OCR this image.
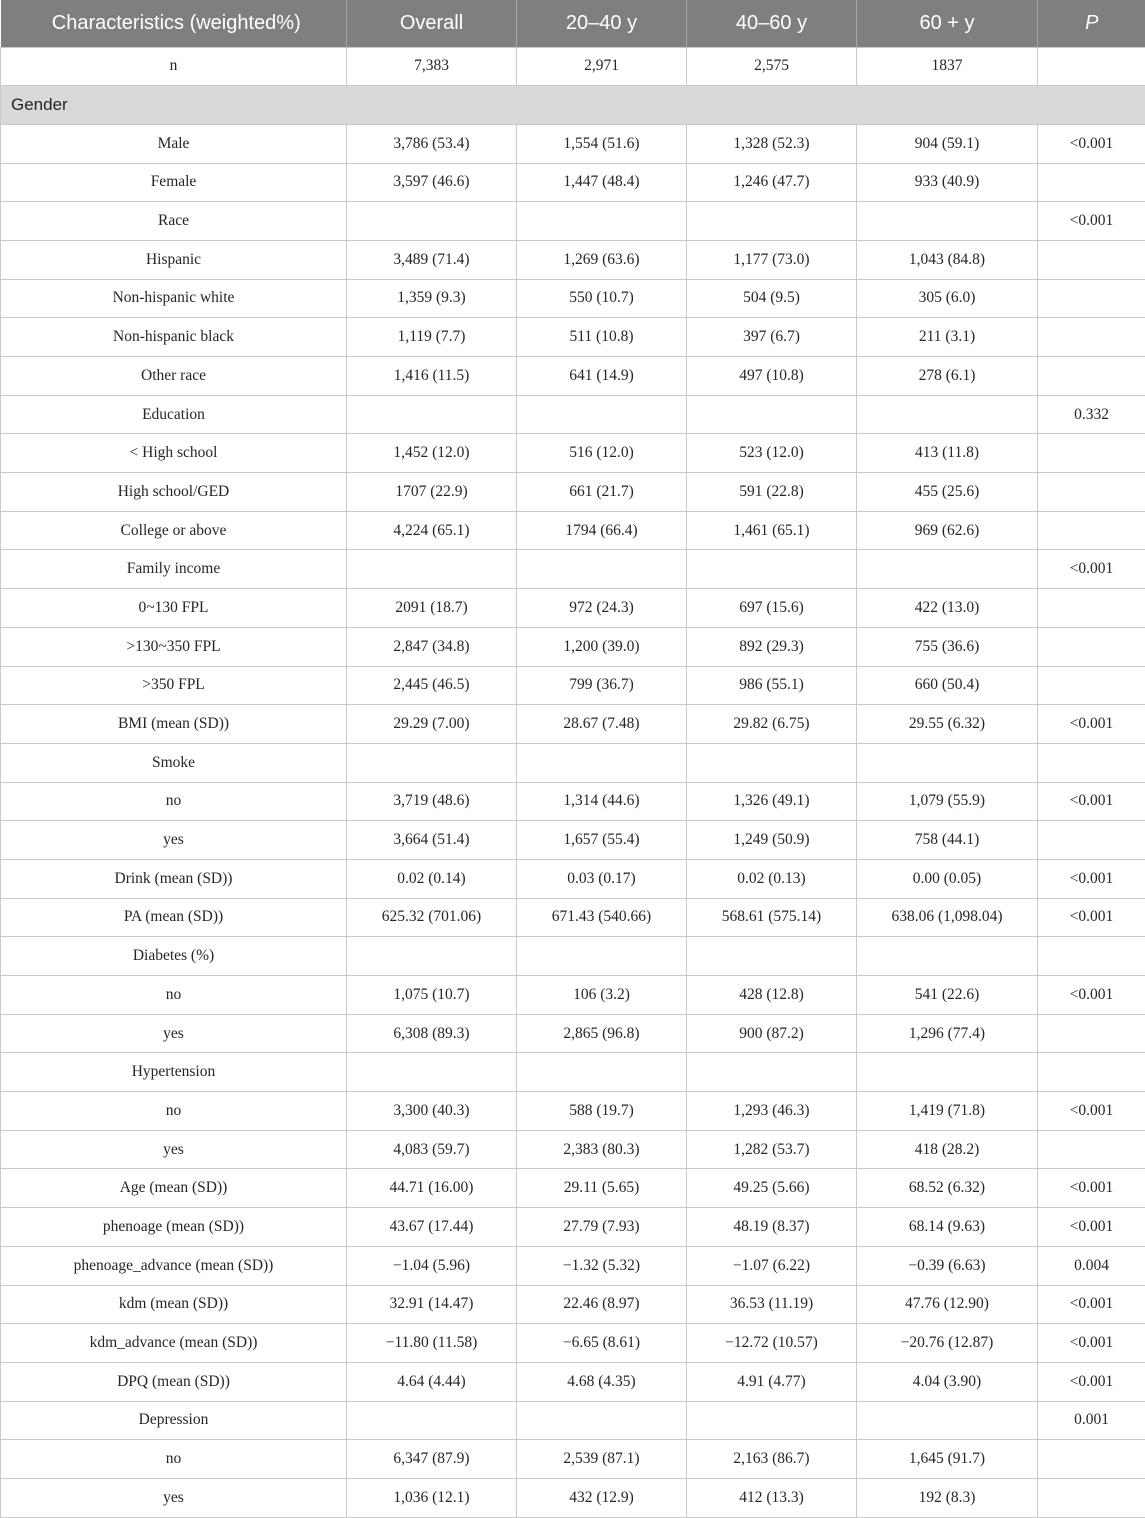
Characteristics (weighted%)	Overall	20–40 y	40–60 y	60 + y	P
n	7,383	2,971	2,575	1837	
Gender					
Male	3,786 (53.4)	1,554 (51.6)	1,328 (52.3)	904 (59.1)	<0.001
Female	3,597 (46.6)	1,447 (48.4)	1,246 (47.7)	933 (40.9)	
Race					<0.001
Hispanic	3,489 (71.4)	1,269 (63.6)	1,177 (73.0)	1,043 (84.8)	
Non-hispanic white	1,359 (9.3)	550 (10.7)	504 (9.5)	305 (6.0)	
Non-hispanic black	1,119 (7.7)	511 (10.8)	397 (6.7)	211 (3.1)	
Other race	1,416 (11.5)	641 (14.9)	497 (10.8)	278 (6.1)	
Education					0.332
< High school	1,452 (12.0)	516 (12.0)	523 (12.0)	413 (11.8)	
High school/GED	1707 (22.9)	661 (21.7)	591 (22.8)	455 (25.6)	
College or above	4,224 (65.1)	1794 (66.4)	1,461 (65.1)	969 (62.6)	
Family income					<0.001
0~130 FPL	2091 (18.7)	972 (24.3)	697 (15.6)	422 (13.0)	
>130~350 FPL	2,847 (34.8)	1,200 (39.0)	892 (29.3)	755 (36.6)	
>350 FPL	2,445 (46.5)	799 (36.7)	986 (55.1)	660 (50.4)	
BMI (mean (SD))	29.29 (7.00)	28.67 (7.48)	29.82 (6.75)	29.55 (6.32)	<0.001
Smoke					
no	3,719 (48.6)	1,314 (44.6)	1,326 (49.1)	1,079 (55.9)	<0.001
yes	3,664 (51.4)	1,657 (55.4)	1,249 (50.9)	758 (44.1)	
Drink (mean (SD))	0.02 (0.14)	0.03 (0.17)	0.02 (0.13)	0.00 (0.05)	<0.001
PA (mean (SD))	625.32 (701.06)	671.43 (540.66)	568.61 (575.14)	638.06 (1,098.04)	<0.001
Diabetes (%)					
no	1,075 (10.7)	106 (3.2)	428 (12.8)	541 (22.6)	<0.001
yes	6,308 (89.3)	2,865 (96.8)	900 (87.2)	1,296 (77.4)	
Hypertension					
no	3,300 (40.3)	588 (19.7)	1,293 (46.3)	1,419 (71.8)	<0.001
yes	4,083 (59.7)	2,383 (80.3)	1,282 (53.7)	418 (28.2)	
Age (mean (SD))	44.71 (16.00)	29.11 (5.65)	49.25 (5.66)	68.52 (6.32)	<0.001
phenoage (mean (SD))	43.67 (17.44)	27.79 (7.93)	48.19 (8.37)	68.14 (9.63)	<0.001
phenoage_advance (mean (SD))	−1.04 (5.96)	−1.32 (5.32)	−1.07 (6.22)	−0.39 (6.63)	0.004
kdm (mean (SD))	32.91 (14.47)	22.46 (8.97)	36.53 (11.19)	47.76 (12.90)	<0.001
kdm_advance (mean (SD))	−11.80 (11.58)	−6.65 (8.61)	−12.72 (10.57)	−20.76 (12.87)	<0.001
DPQ (mean (SD))	4.64 (4.44)	4.68 (4.35)	4.91 (4.77)	4.04 (3.90)	<0.001
Depression					0.001
no	6,347 (87.9)	2,539 (87.1)	2,163 (86.7)	1,645 (91.7)	
yes	1,036 (12.1)	432 (12.9)	412 (13.3)	192 (8.3)	
